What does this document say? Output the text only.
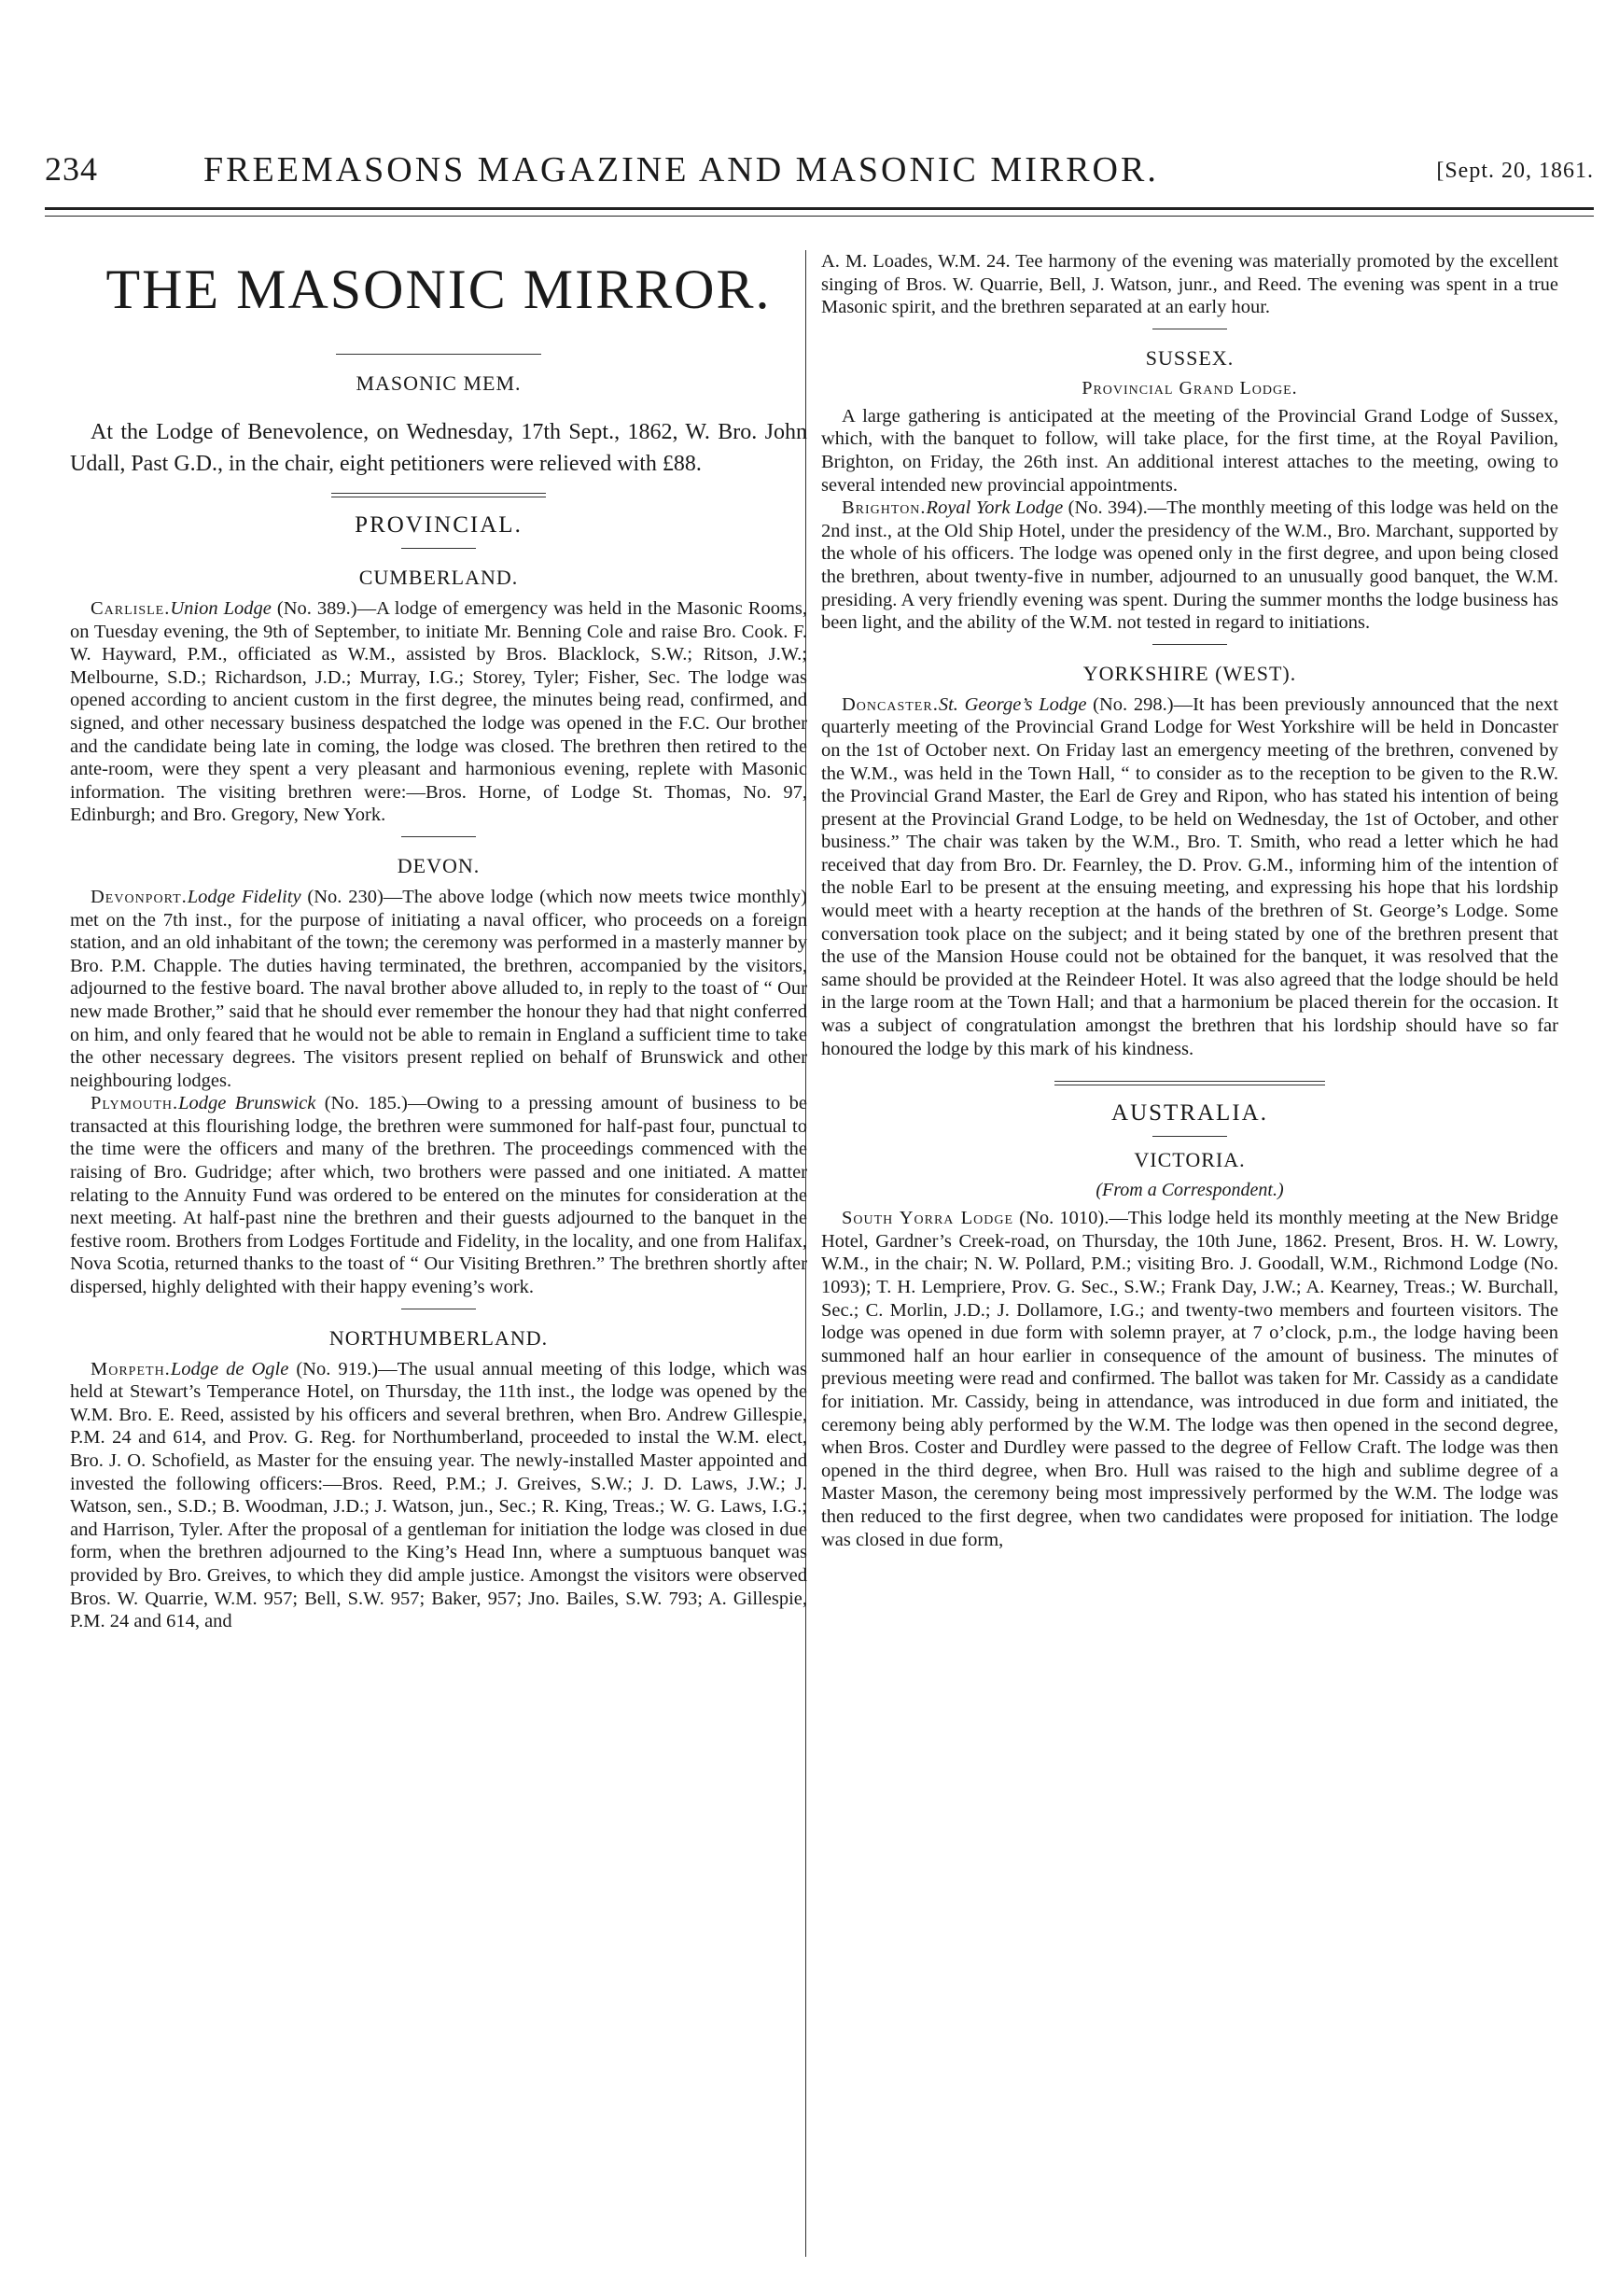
234	FREEMASONS MAGAZINE AND MASONIC MIRROR.	[Sept. 20, 1861.
THE MASONIC MIRROR.
MASONIC MEM.

At the Lodge of Benevolence, on Wednesday, 17th Sept., 1862, W. Bro. John Udall, Past G.D., in the chair, eight petitioners were relieved with £88.

PROVINCIAL.
CUMBERLAND.

Carlisle.Union Lodge (No. 389.)—A lodge of emergency was held in the Masonic Rooms, on Tuesday evening, the 9th of September, to initiate Mr. Benning Cole and raise Bro. Cook. F. W. Hayward, P.M., officiated as W.M., assisted by Bros. Blacklock, S.W.; Ritson, J.W.; Melbourne, S.D.; Richardson, J.D.; Murray, I.G.; Storey, Tyler; Fisher, Sec. The lodge was opened according to ancient custom in the first degree, the minutes being read, confirmed, and signed, and other necessary business despatched the lodge was opened in the F.C. Our brother and the candidate being late in coming, the lodge was closed. The brethren then retired to the ante-room, were they spent a very pleasant and harmonious evening, replete with Masonic information. The visiting brethren were:—Bros. Horne, of Lodge St. Thomas, No. 97, Edinburgh; and Bro. Gregory, New York.

DEVON.

Devonport.Lodge Fidelity (No. 230)—The above lodge (which now meets twice monthly) met on the 7th inst., for the purpose of initiating a naval officer, who proceeds on a foreign station, and an old inhabitant of the town; the ceremony was performed in a masterly manner by Bro. P.M. Chapple. The duties having terminated, the brethren, accompanied by the visitors, adjourned to the festive board. The naval brother above alluded to, in reply to the toast of “ Our new made Brother,” said that he should ever remember the honour they had that night conferred on him, and only feared that he would not be able to remain in England a sufficient time to take the other necessary degrees. The visitors present replied on behalf of Brunswick and other neighbouring lodges.

Plymouth.Lodge Brunswick (No. 185.)—Owing to a pressing amount of business to be transacted at this flourishing lodge, the brethren were summoned for half-past four, punctual to the time were the officers and many of the brethren. The proceedings commenced with the raising of Bro. Gudridge; after which, two brothers were passed and one initiated. A matter relating to the Annuity Fund was ordered to be entered on the minutes for consideration at the next meeting. At half-past nine the brethren and their guests adjourned to the banquet in the festive room. Brothers from Lodges Fortitude and Fidelity, in the locality, and one from Halifax, Nova Scotia, returned thanks to the toast of “ Our Visiting Brethren.” The brethren shortly after dispersed, highly delighted with their happy evening’s work.

NORTHUMBERLAND.

Morpeth.Lodge de Ogle (No. 919.)—The usual annual meeting of this lodge, which was held at Stewart’s Temperance Hotel, on Thursday, the 11th inst., the lodge was opened by the W.M. Bro. E. Reed, assisted by his officers and several brethren, when Bro. Andrew Gillespie, P.M. 24 and 614, and Prov. G. Reg. for Northumberland, proceeded to instal the W.M. elect, Bro. J. O. Schofield, as Master for the ensuing year. The newly-installed Master appointed and invested the following officers:—Bros. Reed, P.M.; J. Greives, S.W.; J. D. Laws, J.W.; J. Watson, sen., S.D.; B. Woodman, J.D.; J. Watson, jun., Sec.; R. King, Treas.; W. G. Laws, I.G.; and Harrison, Tyler. After the proposal of a gentleman for initiation the lodge was closed in due form, when the brethren adjourned to the King’s Head Inn, where a sumptuous banquet was provided by Bro. Greives, to which they did ample justice. Amongst the visitors were observed Bros. W. Quarrie, W.M. 957; Bell, S.W. 957; Baker, 957; Jno. Bailes, S.W. 793; A. Gillespie, P.M. 24 and 614, and

A. M. Loades, W.M. 24. Tee harmony of the evening was materially promoted by the excellent singing of Bros. W. Quarrie, Bell, J. Watson, junr., and Reed. The evening was spent in a true Masonic spirit, and the brethren separated at an early hour.

SUSSEX.
Provincial Grand Lodge.

A large gathering is anticipated at the meeting of the Provincial Grand Lodge of Sussex, which, with the banquet to follow, will take place, for the first time, at the Royal Pavilion, Brighton, on Friday, the 26th inst. An additional interest attaches to the meeting, owing to several intended new provincial appointments.

Brighton.Royal York Lodge (No. 394).—The monthly meeting of this lodge was held on the 2nd inst., at the Old Ship Hotel, under the presidency of the W.M., Bro. Marchant, supported by the whole of his officers. The lodge was opened only in the first degree, and upon being closed the brethren, about twenty-five in number, adjourned to an unusually good banquet, the W.M. presiding. A very friendly evening was spent. During the summer months the lodge business has been light, and the ability of the W.M. not tested in regard to initiations.

YORKSHIRE (WEST).

Doncaster.St. George’s Lodge (No. 298.)—It has been previously announced that the next quarterly meeting of the Provincial Grand Lodge for West Yorkshire will be held in Doncaster on the 1st of October next. On Friday last an emergency meeting of the brethren, convened by the W.M., was held in the Town Hall, “ to consider as to the reception to be given to the R.W. the Provincial Grand Master, the Earl de Grey and Ripon, who has stated his intention of being present at the Provincial Grand Lodge, to be held on Wednesday, the 1st of October, and other business.” The chair was taken by the W.M., Bro. T. Smith, who read a letter which he had received that day from Bro. Dr. Fearnley, the D. Prov. G.M., informing him of the intention of the noble Earl to be present at the ensuing meeting, and expressing his hope that his lordship would meet with a hearty reception at the hands of the brethren of St. George’s Lodge. Some conversation took place on the subject; and it being stated by one of the brethren present that the use of the Mansion House could not be obtained for the banquet, it was resolved that the same should be provided at the Reindeer Hotel. It was also agreed that the lodge should be held in the large room at the Town Hall; and that a harmonium be placed therein for the occasion. It was a subject of congratulation amongst the brethren that his lordship should have so far honoured the lodge by this mark of his kindness.

AUSTRALIA.
VICTORIA.
(From a Correspondent.)

South Yorra Lodge (No. 1010).—This lodge held its monthly meeting at the New Bridge Hotel, Gardner’s Creek-road, on Thursday, the 10th June, 1862. Present, Bros. H. W. Lowry, W.M., in the chair; N. W. Pollard, P.M.; visiting Bro. J. Goodall, W.M., Richmond Lodge (No. 1093); T. H. Lempriere, Prov. G. Sec., S.W.; Frank Day, J.W.; A. Kearney, Treas.; W. Burchall, Sec.; C. Morlin, J.D.; J. Dollamore, I.G.; and twenty-two members and fourteen visitors. The lodge was opened in due form with solemn prayer, at 7 o’clock, p.m., the lodge having been summoned half an hour earlier in consequence of the amount of business. The minutes of previous meeting were read and confirmed. The ballot was taken for Mr. Cassidy as a candidate for initiation. Mr. Cassidy, being in attendance, was introduced in due form and initiated, the ceremony being ably performed by the W.M. The lodge was then opened in the second degree, when Bros. Coster and Durdley were passed to the degree of Fellow Craft. The lodge was then opened in the third degree, when Bro. Hull was raised to the high and sublime degree of a Master Mason, the ceremony being most impressively performed by the W.M. The lodge was then reduced to the first degree, when two candidates were proposed for initiation. The lodge was closed in due form,
